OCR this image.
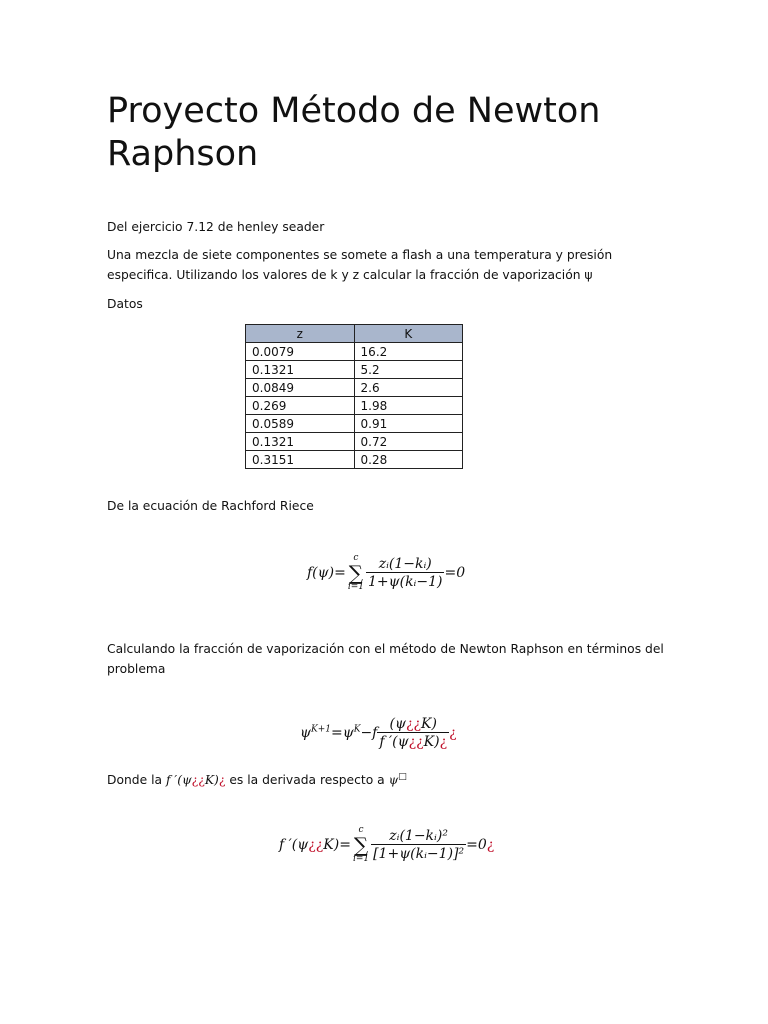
Proyecto Método de Newton Raphson

Del ejercicio 7.12 de henley seader

Una mezcla de siete componentes se somete a flash a una temperatura y presión especifica. Utilizando los valores de k y z calcular la fracción de vaporización ψ

Datos

z	K
0.0079	16.2
0.1321	5.2
0.0849	2.6
0.269	1.98
0.0589	0.91
0.1321	0.72
0.3151	0.28

De la ecuación de Rachford Riece

f(ψ)=
c
∑
$i=1 \frac{\text{zᵢ(1−kᵢ)}}{\text{1+ψ(kᵢ−1)}} =0$

Calculando la fracción de vaporización con el método de Newton Raphson en términos del problema

$\psi^{K+1}=\psi^K-f \frac{(\psi¿¿K)}{f '(\psi¿¿K)¿}$ ¿

Donde la f ′(ψ¿¿K)¿ es la derivada respecto a ψ□

f ′(ψ¿¿K)=
c
∑
$i=1 \frac{\text{zᵢ(1−kᵢ)²}}{\text{[1+ψ(kᵢ−1)]²}}$ =0¿
